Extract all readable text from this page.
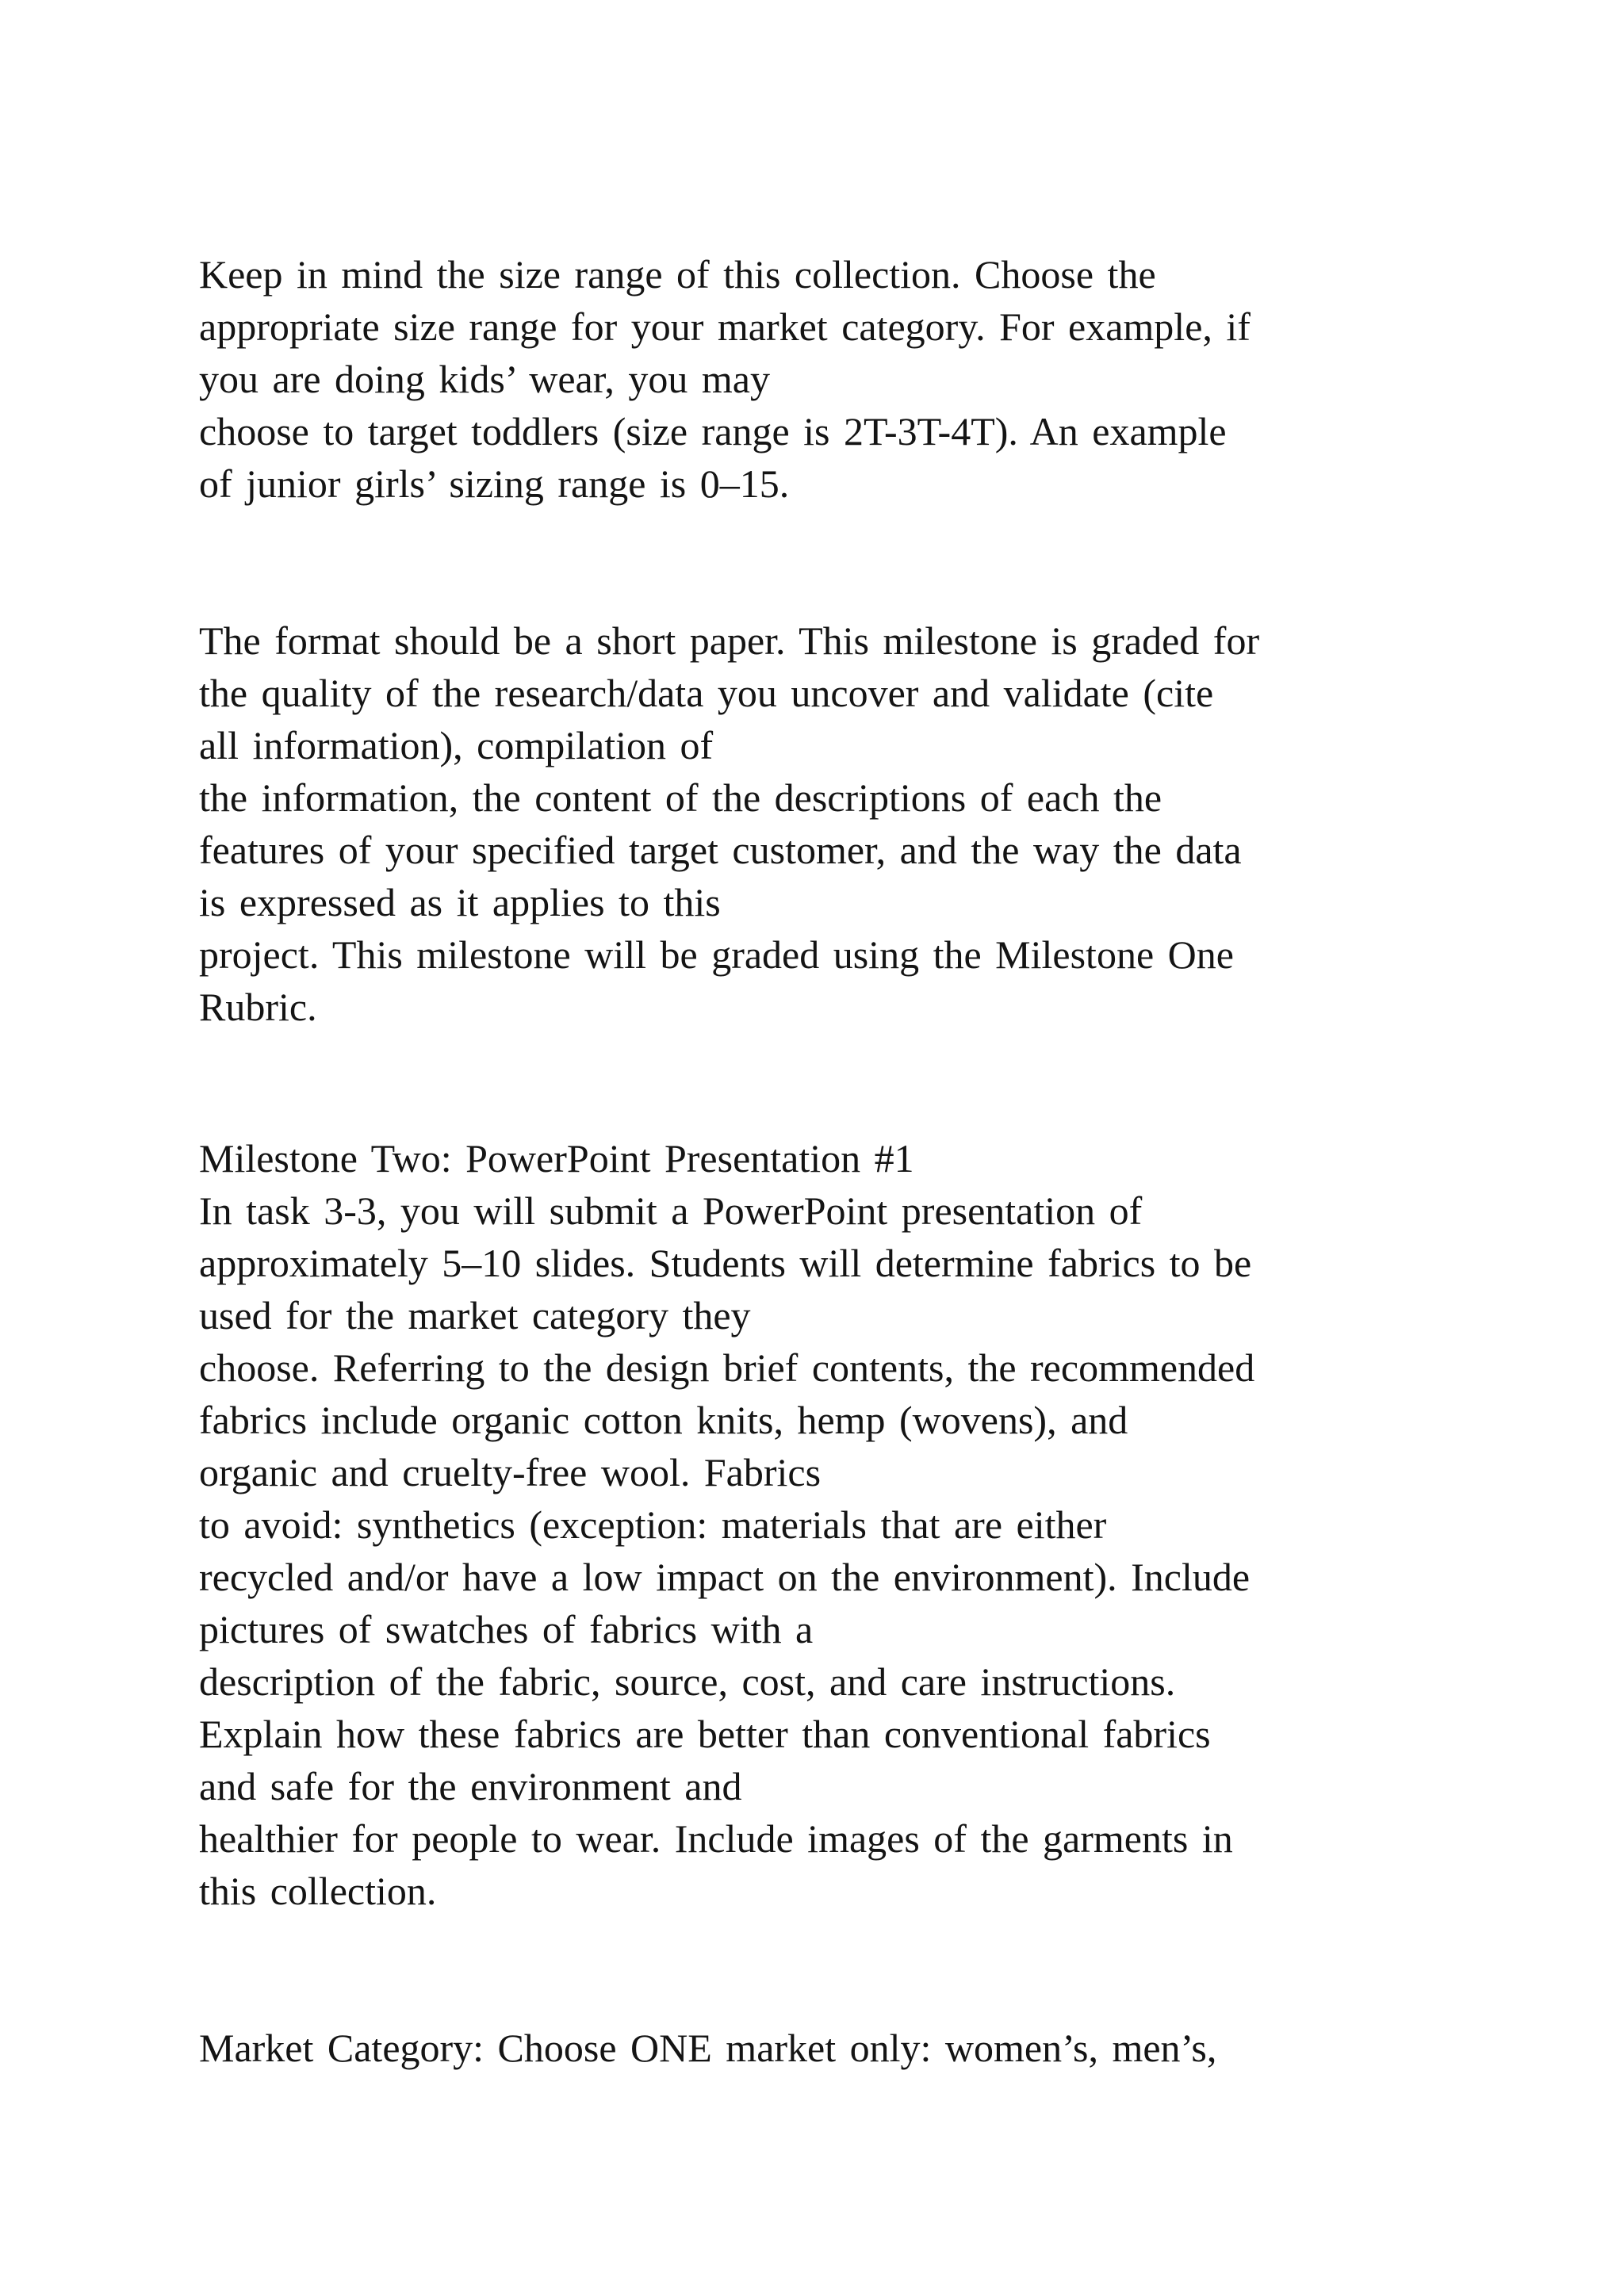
Keep in mind the size range of this collection. Choose the
appropriate size range for your market category. For example, if
you are doing kids’ wear, you may
choose to target toddlers (size range is 2T-3T-4T). An example
of junior girls’ sizing range is 0–15.
The format should be a short paper. This milestone is graded for
the quality of the research/data you uncover and validate (cite
all information), compilation of
the information, the content of the descriptions of each the
features of your specified target customer, and the way the data
is expressed as it applies to this
project. This milestone will be graded using the Milestone One
Rubric.
Milestone Two: PowerPoint Presentation #1
In task 3-3, you will submit a PowerPoint presentation of
approximately 5–10 slides. Students will determine fabrics to be
used for the market category they
choose. Referring to the design brief contents, the recommended
fabrics include organic cotton knits, hemp (wovens), and
organic and cruelty-free wool. Fabrics
to avoid: synthetics (exception: materials that are either
recycled and/or have a low impact on the environment). Include
pictures of swatches of fabrics with a
description of the fabric, source, cost, and care instructions.
Explain how these fabrics are better than conventional fabrics
and safe for the environment and
healthier for people to wear. Include images of the garments in
this collection.
Market Category: Choose ONE market only: women’s, men’s,
